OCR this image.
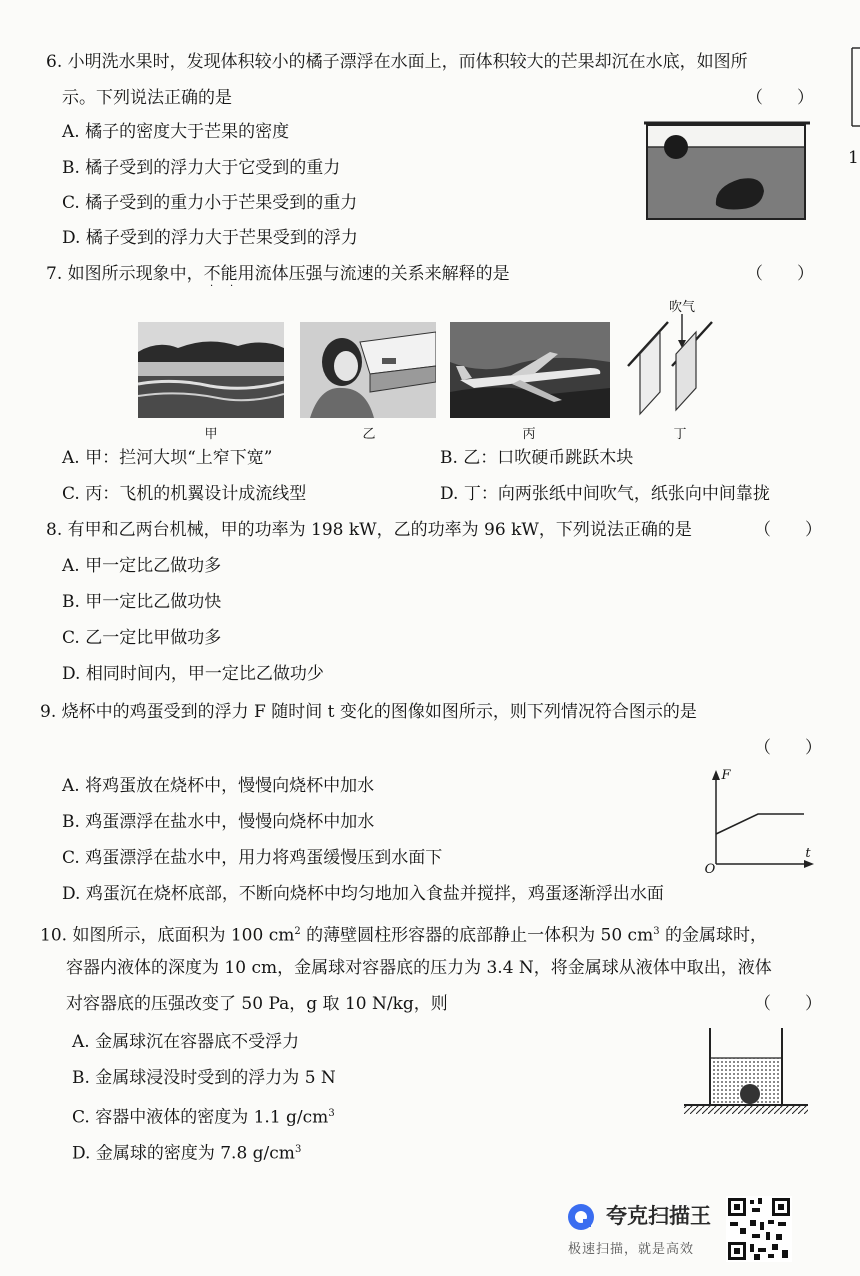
6. 小明洗水果时，发现体积较小的橘子漂浮在水面上，而体积较大的芒果却沉在水底，如图所
示。下列说法正确的是	（　　）
A. 橘子的密度大于芒果的密度
B. 橘子受到的浮力大于它受到的重力
C. 橘子受到的重力小于芒果受到的重力
D. 橘子受到的浮力大于芒果受到的浮力
7. 如图所示现象中，不能用流体压强与流速的关系来解释的是	（　　）
· ·
吹气
甲	乙	丙	丁
A. 甲：拦河大坝“上窄下宽”	B. 乙：口吹硬币跳跃木块
C. 丙：飞机的机翼设计成流线型	D. 丁：向两张纸中间吹气，纸张向中间靠拢
8. 有甲和乙两台机械，甲的功率为 198 kW，乙的功率为 96 kW，下列说法正确的是	（　　）
A. 甲一定比乙做功多
B. 甲一定比乙做功快
C. 乙一定比甲做功多
D. 相同时间内，甲一定比乙做功少
9. 烧杯中的鸡蛋受到的浮力 F 随时间 t 变化的图像如图所示，则下列情况符合图示的是
（　　）
A. 将鸡蛋放在烧杯中，慢慢向烧杯中加水
B. 鸡蛋漂浮在盐水中，慢慢向烧杯中加水
C. 鸡蛋漂浮在盐水中，用力将鸡蛋缓慢压到水面下
D. 鸡蛋沉在烧杯底部，不断向烧杯中均匀地加入食盐并搅拌，鸡蛋逐渐浮出水面
F
t
O
10. 如图所示，底面积为 100 $cm^2$ 的薄壁圆柱形容器的底部静止一体积为 50 $cm^3$ 的金属球时，
容器内液体的深度为 10 cm，金属球对容器底的压力为 3.4 N，将金属球从液体中取出，液体
对容器底的压强改变了 50 Pa，g 取 10 N/kg，则	（　　）
A. 金属球沉在容器底不受浮力
B. 金属球浸没时受到的浮力为 5 N
C. 容器中液体的密度为 1.1 $g/cm^3$
D. 金属球的密度为 7.8 $g/cm^3$
夸克扫描王
极速扫描，就是高效
1
